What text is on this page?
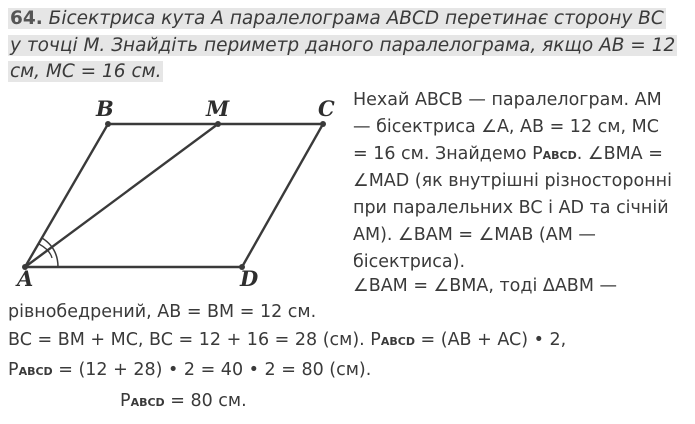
64. Бісектриса кута A паралелограма ABCD перетинає сторону BC
у точці M. Знайдіть периметр даного паралелограма, якщо AB = 12
см, MC = 16 см.
B	M	C
A	D
Нехай ABCB — паралелограм. AM
— бісектриса ∠A, AB = 12 см, MC
= 16 см. Знайдемо PABCD. ∠BMA =
∠MAD (як внутрішні різносторонні
при паралельних BC і AD та січній
AM). ∠BAM = ∠MAB (AM —
бісектриса).
∠BAM = ∠BMA, тоді ΔABM —
рівнобедрений, AB = BM = 12 см.
BC = BM + MC, BC = 12 + 16 = 28 (см). PABCD = (AB + AC) • 2,
PABCD = (12 + 28) • 2 = 40 • 2 = 80 (см).
PABCD = 80 см.
